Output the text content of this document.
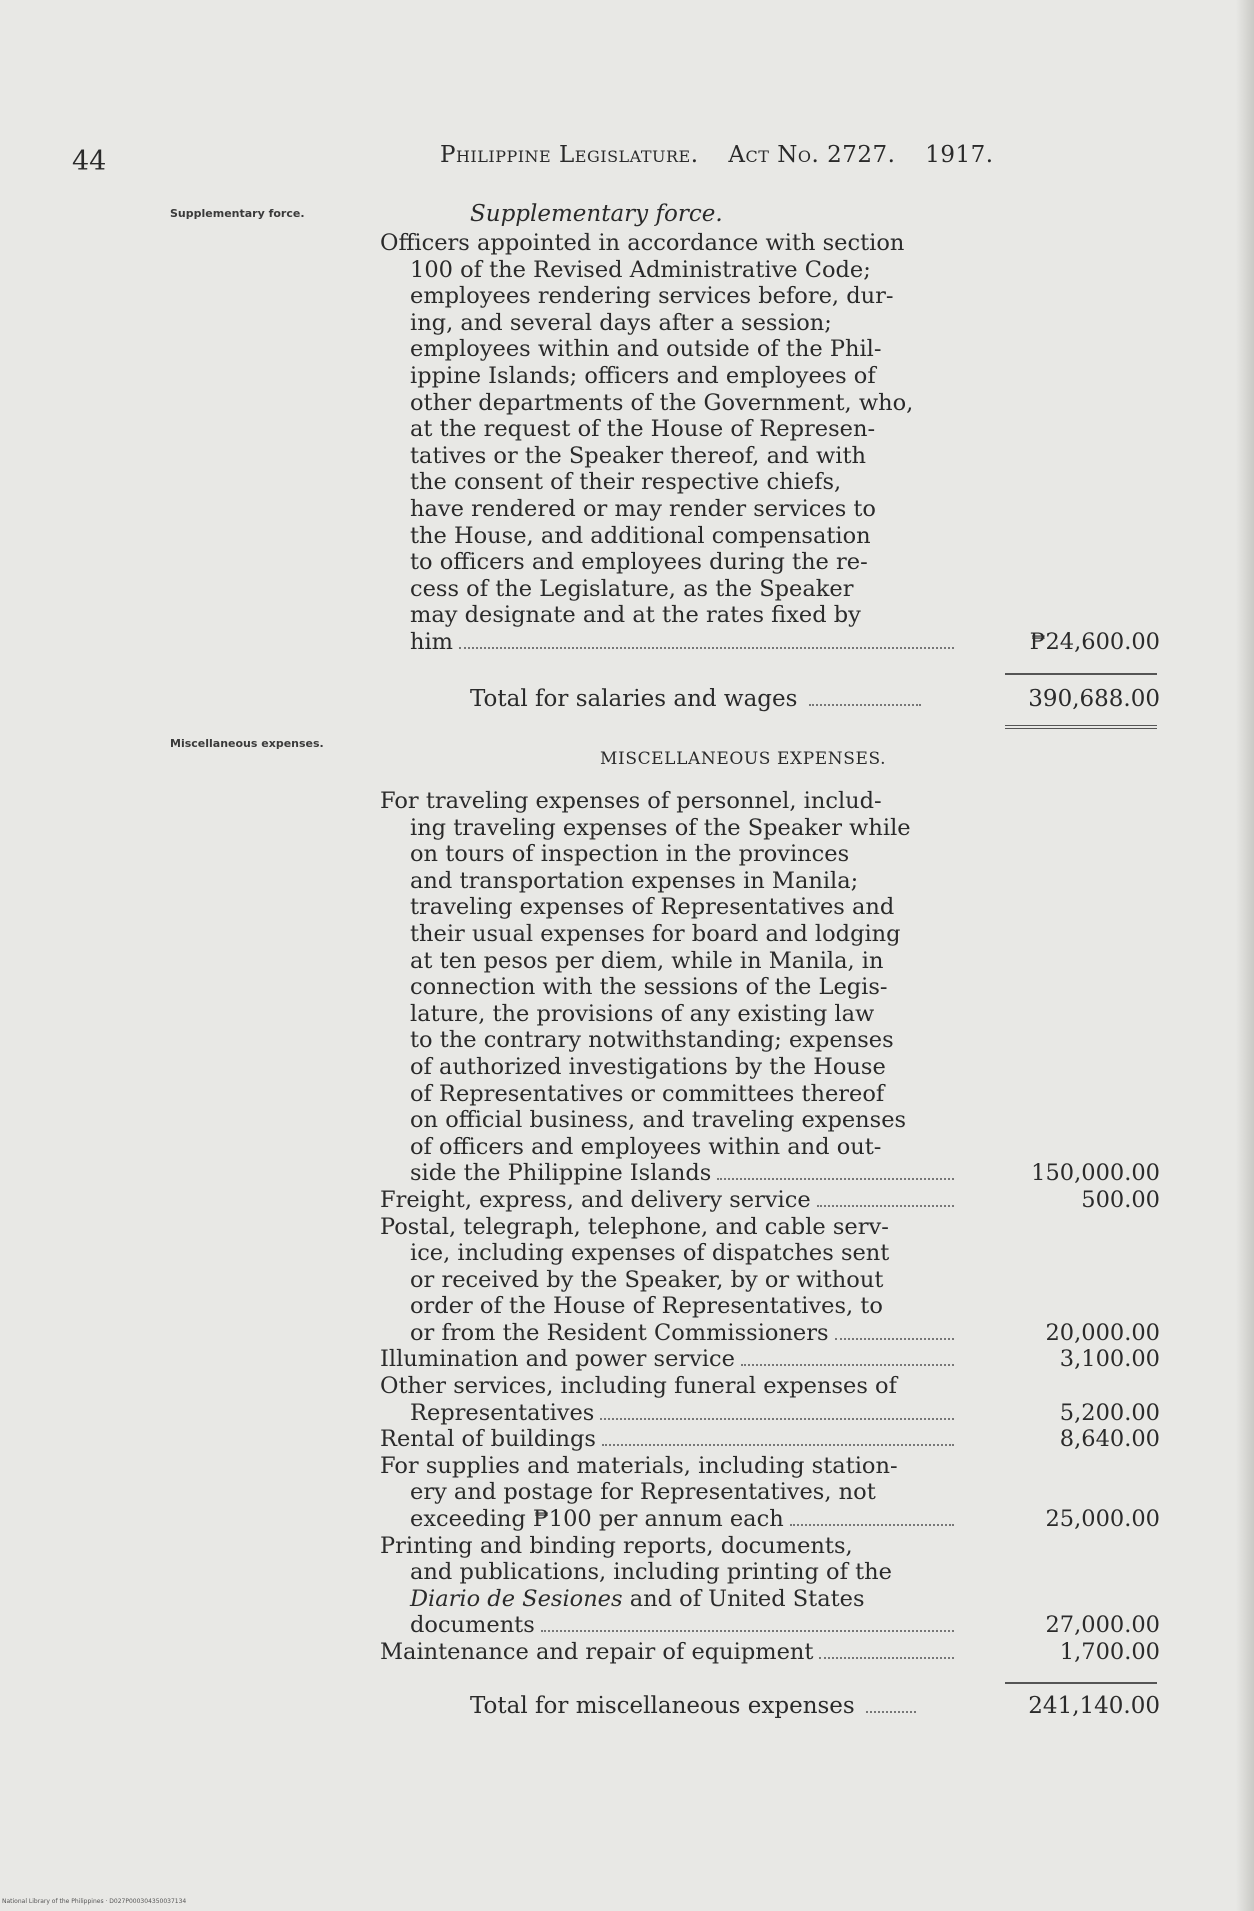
44	Philippine Legislature. Act No. 2727. 1917.
Supplementary force.	Supplementary force.
Officers appointed in accordance with section
100 of the Revised Administrative Code;
employees rendering services before, dur-
ing, and several days after a session;
employees within and outside of the Phil-
ippine Islands; officers and employees of
other departments of the Government, who,
at the request of the House of Represen-
tatives or the Speaker thereof, and with
the consent of their respective chiefs,
have rendered or may render services to
the House, and additional compensation
to officers and employees during the re-
cess of the Legislature, as the Speaker
may designate and at the rates fixed by
him	₱24,600.00
Total for salaries and wages	390,688.00
Miscellaneous expenses.
MISCELLANEOUS EXPENSES.
For traveling expenses of personnel, includ-
ing traveling expenses of the Speaker while
on tours of inspection in the provinces
and transportation expenses in Manila;
traveling expenses of Representatives and
their usual expenses for board and lodging
at ten pesos per diem, while in Manila, in
connection with the sessions of the Legis-
lature, the provisions of any existing law
to the contrary notwithstanding; expenses
of authorized investigations by the House
of Representatives or committees thereof
on official business, and traveling expenses
of officers and employees within and out-
side the Philippine Islands	150,000.00
Freight, express, and delivery service	500.00
Postal, telegraph, telephone, and cable serv-
ice, including expenses of dispatches sent
or received by the Speaker, by or without
order of the House of Representatives, to
or from the Resident Commissioners	20,000.00
Illumination and power service	3,100.00
Other services, including funeral expenses of
Representatives	5,200.00
Rental of buildings	8,640.00
For supplies and materials, including station-
ery and postage for Representatives, not
exceeding ₱100 per annum each	25,000.00
Printing and binding reports, documents,
and publications, including printing of the
Diario de Sesiones and of United States
documents	27,000.00
Maintenance and repair of equipment	1,700.00
Total for miscellaneous expenses	241,140.00
National Library of the Philippines · D027P000304350037134
